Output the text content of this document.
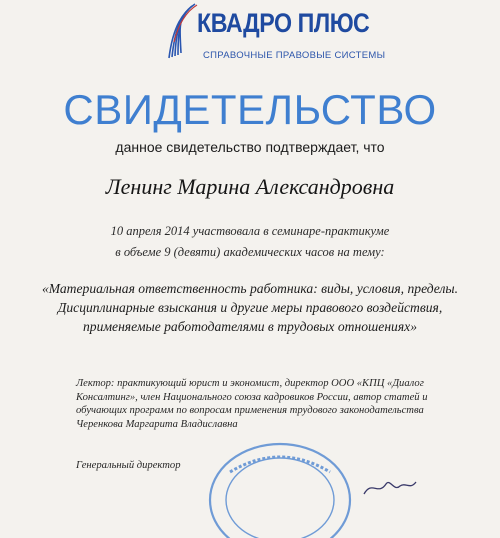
КВАДРО ПЛЮС
СПРАВОЧНЫЕ ПРАВОВЫЕ СИСТЕМЫ
СВИДЕТЕЛЬСТВО
данное свидетельство подтверждает, что
Ленинг Марина Александровна
10 апреля 2014 участвовала в семинаре-практикуме
в объеме 9 (девяти) академических часов на тему:
«Материальная ответственность работника: виды, условия, пределы.
Дисциплинарные взыскания и другие меры правового воздействия,
применяемые работодателями в трудовых отношениях»
Лектор: практикующий юрист и экономист, директор ООО «КПЦ «Диалог
Консалтинг», член Национального союза кадровиков России, автор статей и
обучающих программ по вопросам применения трудового законодательства
Черенкова Маргарита Владиславна
Генеральный директор
